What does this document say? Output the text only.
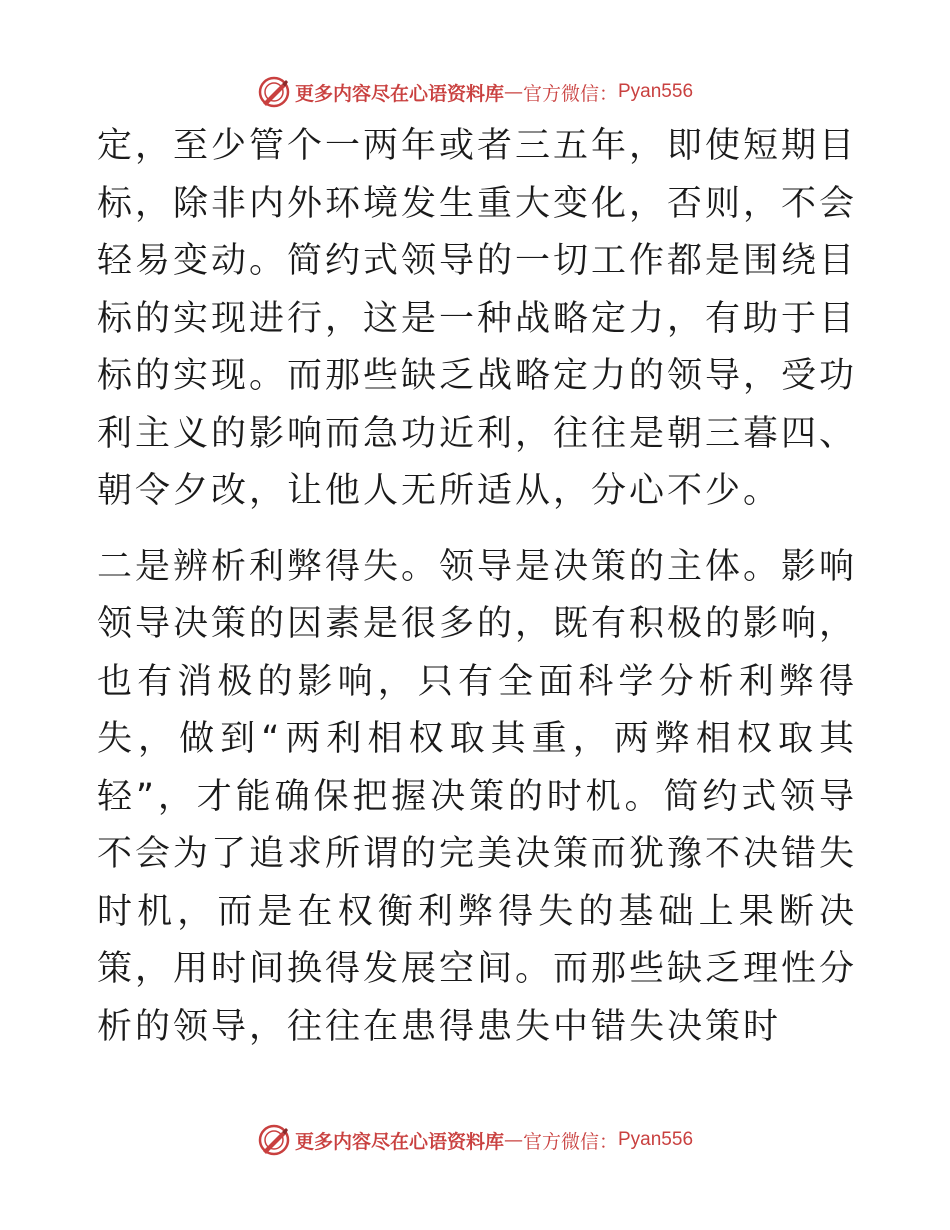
更多内容尽在心语资料库 — 官方微信： Pyan556

定，至少管个一两年或者三五年，即使短期目标，除非内外环境发生重大变化，否则，不会轻易变动。简约式领导的一切工作都是围绕目标的实现进行，这是一种战略定力，有助于目标的实现。而那些缺乏战略定力的领导，受功利主义的影响而急功近利，往往是朝三暮四、朝令夕改，让他人无所适从，分心不少。

二是辨析利弊得失。领导是决策的主体。影响领导决策的因素是很多的，既有积极的影响，也有消极的影响，只有全面科学分析利弊得失，做到“两利相权取其重，两弊相权取其轻”，才能确保把握决策的时机。简约式领导不会为了追求所谓的完美决策而犹豫不决错失时机，而是在权衡利弊得失的基础上果断决策，用时间换得发展空间。而那些缺乏理性分析的领导，往往在患得患失中错失决策时

更多内容尽在心语资料库 — 官方微信： Pyan556
